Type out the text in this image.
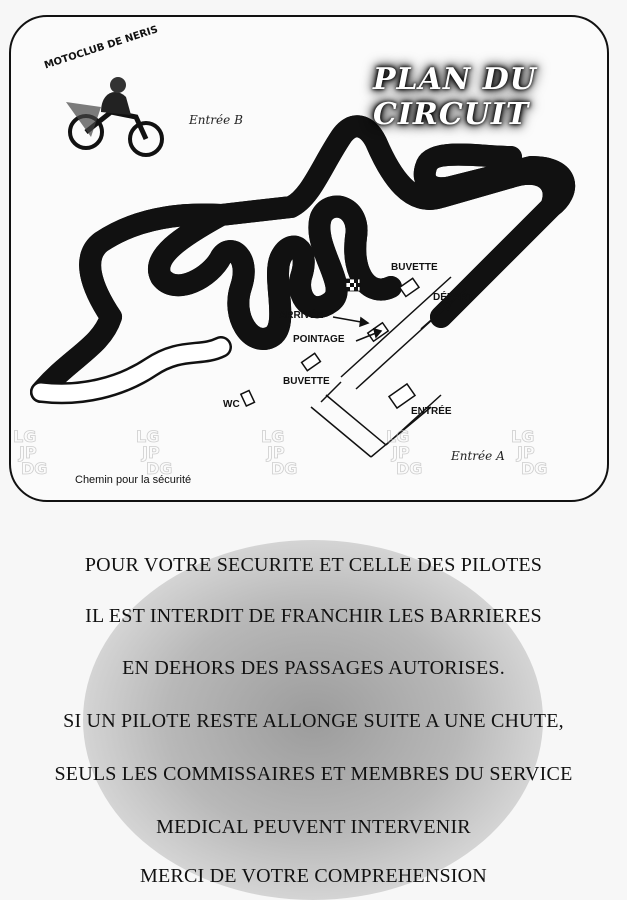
LG
JP
LG
JP
LG
JP
LG
JP
LG
JP
DG	DG	DG	DG	DG
PLAN DU CIRCUIT
MOTOCLUB DE NERIS
Entrée B
Entrée A
BUVETTE
DÉPART
ARRIVÉE
POINTAGE
BUVETTE
WC
ENTRÉE
Chemin pour la sécurité
POUR VOTRE SECURITE ET CELLE DES PILOTES
IL EST INTERDIT DE FRANCHIR LES BARRIERES
EN DEHORS DES PASSAGES AUTORISES.
SI UN PILOTE RESTE ALLONGE SUITE A UNE CHUTE,
SEULS LES COMMISSAIRES ET MEMBRES DU SERVICE
MEDICAL PEUVENT INTERVENIR
MERCI DE VOTRE COMPREHENSION
